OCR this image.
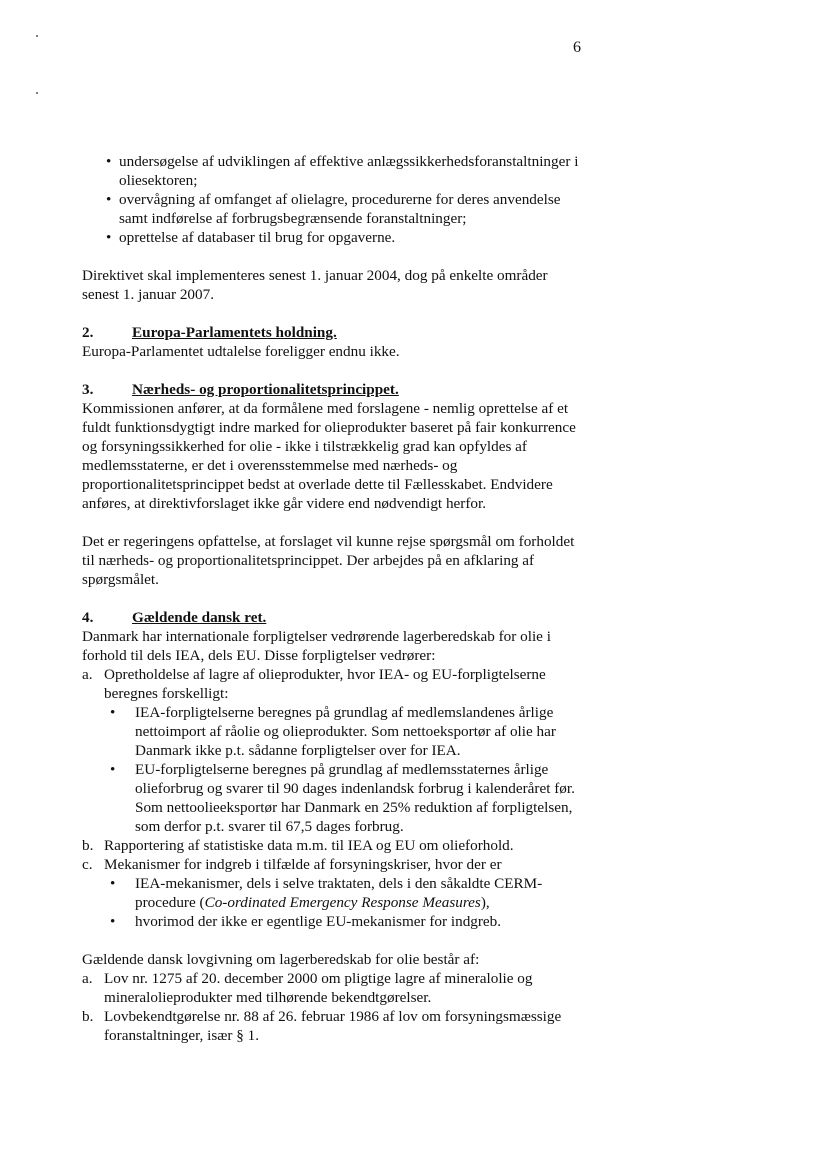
6
• undersøgelse af udviklingen af effektive anlægssikkerhedsforanstaltninger i oliesektoren;
• overvågning af omfanget af olielagre, procedurerne for deres anvendelse samt indførelse af forbrugsbegrænsende foranstaltninger;
• oprettelse af databaser til brug for opgaverne.

Direktivet skal implementeres senest 1. januar 2004, dog på enkelte områder senest 1. januar 2007.

2.	Europa-Parlamentets holdning.

Europa-Parlamentet udtalelse foreligger endnu ikke.

3.	Nærheds- og proportionalitetsprincippet.

Kommissionen anfører, at da formålene med forslagene - nemlig oprettelse af et fuldt funktionsdygtigt indre marked for olieprodukter baseret på fair konkurrence og forsyningssikkerhed for olie - ikke i tilstrækkelig grad kan opfyldes af medlemsstaterne, er det i overensstemmelse med nærheds- og proportionalitetsprincippet bedst at overlade dette til Fællesskabet. Endvidere anføres, at direktivforslaget ikke går videre end nødvendigt herfor.

Det er regeringens opfattelse, at forslaget vil kunne rejse spørgsmål om forholdet til nærheds- og proportionalitetsprincippet. Der arbejdes på en afklaring af spørgsmålet.

4.	Gældende dansk ret.

Danmark har internationale forpligtelser vedrørende lagerberedskab for olie i forhold til dels IEA, dels EU. Disse forpligtelser vedrører:

a. Opretholdelse af lagre af olieprodukter, hvor IEA- og EU-forpligtelserne beregnes forskelligt:
• IEA-forpligtelserne beregnes på grundlag af medlemslandenes årlige nettoimport af råolie og olieprodukter. Som nettoeksportør af olie har Danmark ikke p.t. sådanne forpligtelser over for IEA.
• EU-forpligtelserne beregnes på grundlag af medlemsstaternes årlige olieforbrug og svarer til 90 dages indenlandsk forbrug i kalenderåret før. Som nettoolieeksportør har Danmark en 25% reduktion af forpligtelsen, som derfor p.t. svarer til 67,5 dages forbrug.
b. Rapportering af statistiske data m.m. til IEA og EU om olieforhold.
c. Mekanismer for indgreb i tilfælde af forsyningskriser, hvor der er
• IEA-mekanismer, dels i selve traktaten, dels i den såkaldte CERM-procedure (Co-ordinated Emergency Response Measures),
• hvorimod der ikke er egentlige EU-mekanismer for indgreb.

Gældende dansk lovgivning om lagerberedskab for olie består af:

a. Lov nr. 1275 af 20. december 2000 om pligtige lagre af mineralolie og mineralolieprodukter med tilhørende bekendtgørelser.
b. Lovbekendtgørelse nr. 88 af 26. februar 1986 af lov om forsyningsmæssige foranstaltninger, især § 1.
